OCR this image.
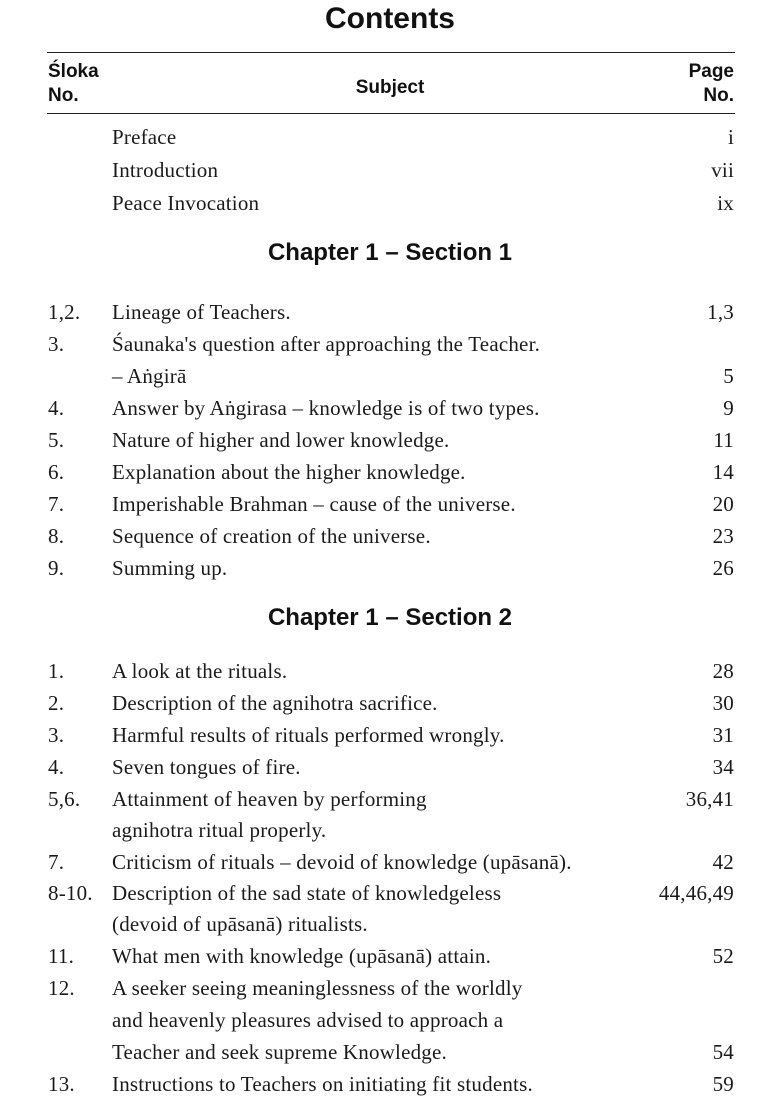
Contents
Śloka
No.	Subject
Page
No.
Preface	i
Introduction	vii
Peace Invocation	ix
Chapter 1 – Section 1
1,2. Lineage of Teachers.	1,3
3. Śaunaka's question after approaching the Teacher.
– Aṅgirā	5
4. Answer by Aṅgirasa – knowledge is of two types.	9
5. Nature of higher and lower knowledge.	11
6. Explanation about the higher knowledge.	14
7. Imperishable Brahman – cause of the universe.	20
8. Sequence of creation of the universe.	23
9. Summing up.	26
Chapter 1 – Section 2
1. A look at the rituals.	28
2. Description of the agnihotra sacrifice.	30
3. Harmful results of rituals performed wrongly.	31
4. Seven tongues of fire.	34
5,6. Attainment of heaven by performing	36,41
agnihotra ritual properly.
7. Criticism of rituals – devoid of knowledge (upāsanā).	42
8-10. Description of the sad state of knowledgeless	44,46,49
(devoid of upāsanā) ritualists.
11. What men with knowledge (upāsanā) attain.	52
12. A seeker seeing meaninglessness of the worldly
and heavenly pleasures advised to approach a
Teacher and seek supreme Knowledge.	54
13. Instructions to Teachers on initiating fit students.	59
